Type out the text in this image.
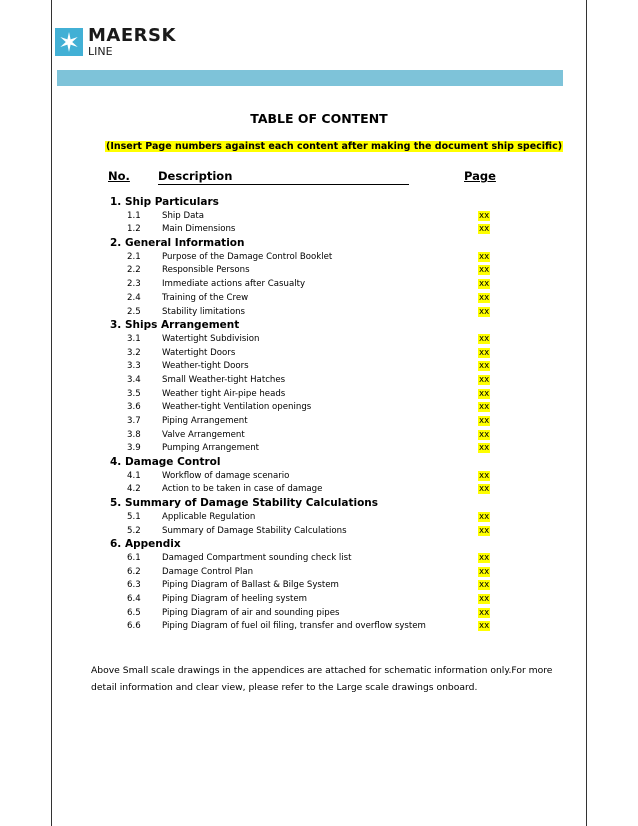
MAERSK
LINE
TABLE OF CONTENT
(Insert Page numbers against each content after making the document ship specific)
No. Description	Page
1. Ship Particulars
1.1 Ship Data	xx
1.2 Main Dimensions	xx
2. General Information
2.1 Purpose of the Damage Control Booklet	xx
2.2 Responsible Persons	xx
2.3 Immediate actions after Casualty	xx
2.4 Training of the Crew	xx
2.5 Stability limitations	xx
3. Ships Arrangement
3.1 Watertight Subdivision	xx
3.2 Watertight Doors	xx
3.3 Weather-tight Doors	xx
3.4 Small Weather-tight Hatches	xx
3.5 Weather tight Air-pipe heads	xx
3.6 Weather-tight Ventilation openings	xx
3.7 Piping Arrangement	xx
3.8 Valve Arrangement	xx
3.9 Pumping Arrangement	xx
4. Damage Control
4.1 Workflow of damage scenario	xx
4.2 Action to be taken in case of damage	xx
5. Summary of Damage Stability Calculations
5.1 Applicable Regulation	xx
5.2 Summary of Damage Stability Calculations	xx
6. Appendix
6.1 Damaged Compartment sounding check list	xx
6.2 Damage Control Plan	xx
6.3 Piping Diagram of Ballast & Bilge System	xx
6.4 Piping Diagram of heeling system	xx
6.5 Piping Diagram of air and sounding pipes	xx
6.6 Piping Diagram of fuel oil filing, transfer and overflow system	xx
Above Small scale drawings in the appendices are attached for schematic information only.For more detail information and clear view, please refer to the Large scale drawings onboard.
